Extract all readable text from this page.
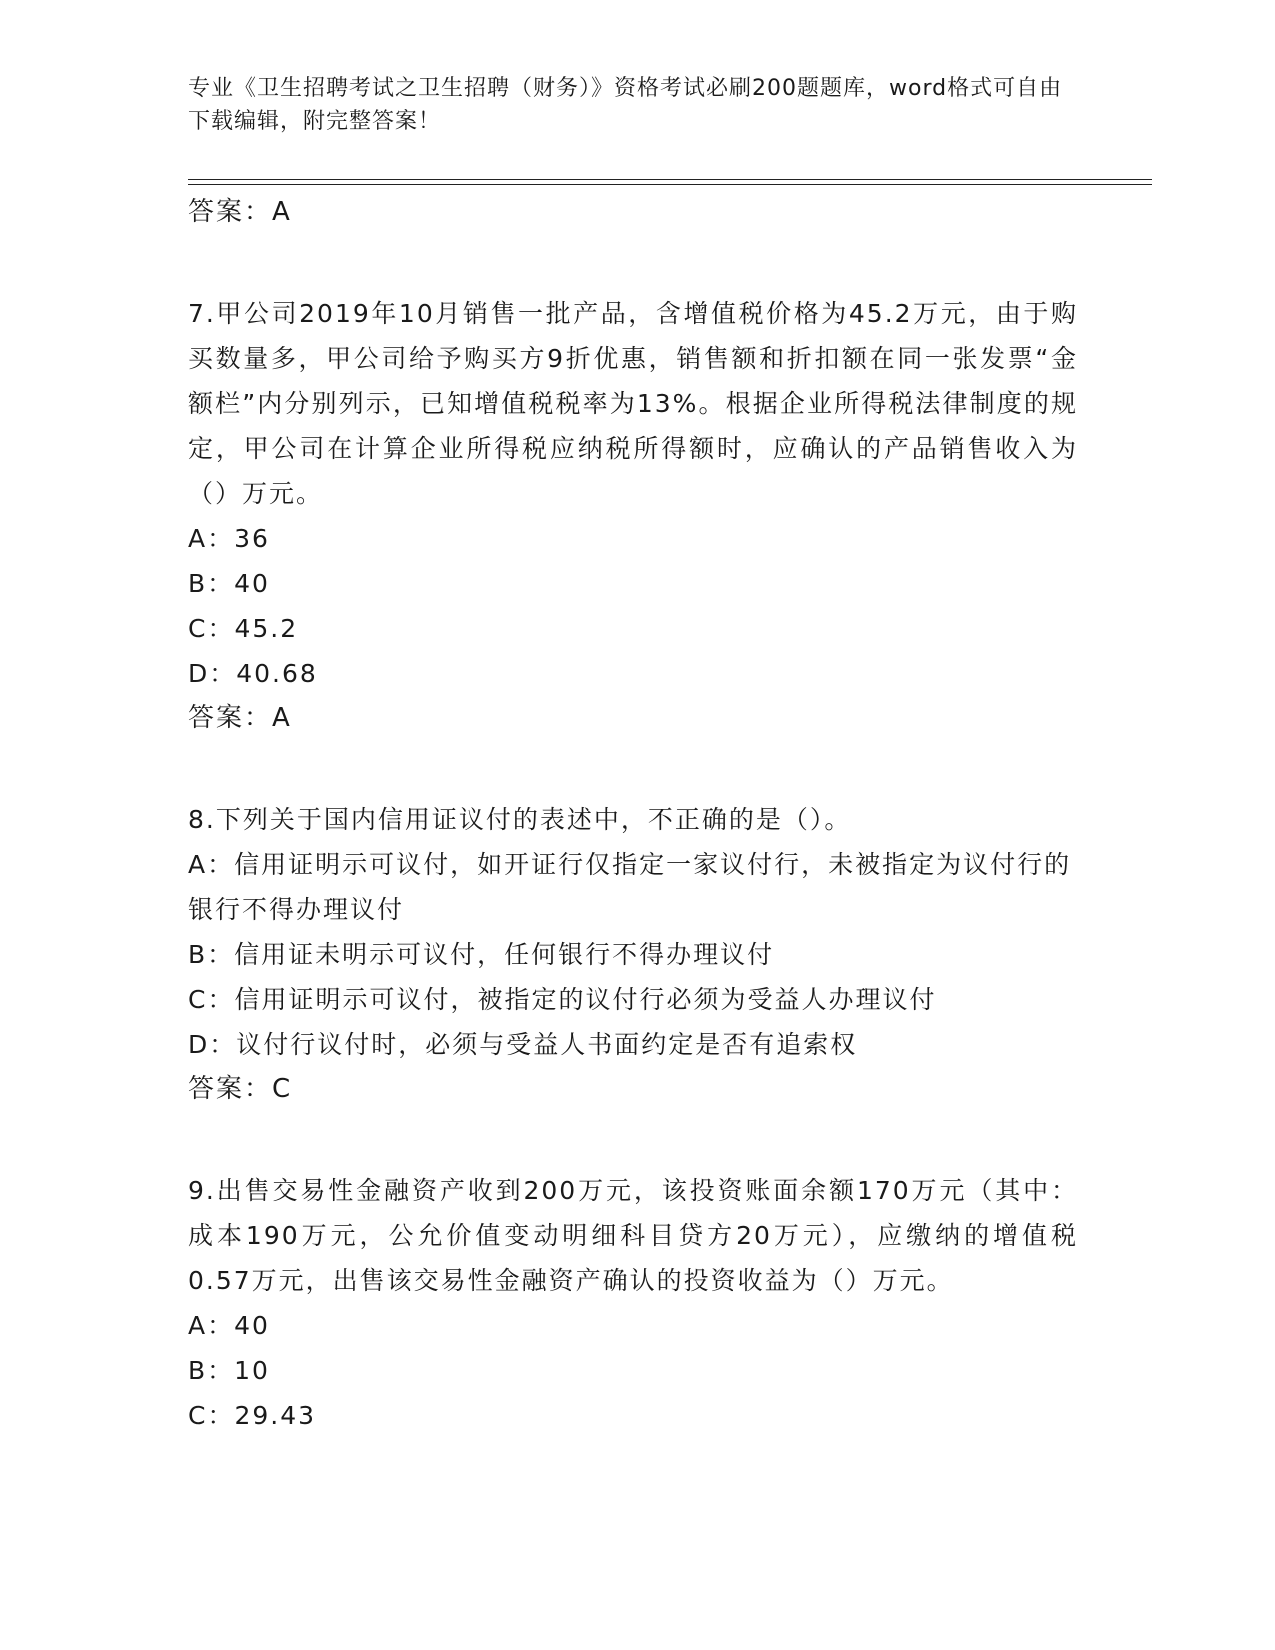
专业《卫生招聘考试之卫生招聘（财务）》资格考试必刷200题题库，word格式可自由下载编辑，附完整答案！
答案：A
7.甲公司2019年10月销售一批产品，含增值税价格为45.2万元，由于购买数量多，甲公司给予购买方9折优惠，销售额和折扣额在同一张发票“金额栏”内分别列示，已知增值税税率为13%。根据企业所得税法律制度的规定，甲公司在计算企业所得税应纳税所得额时，应确认的产品销售收入为（）万元。
A：36
B：40
C：45.2
D：40.68
答案：A
8.下列关于国内信用证议付的表述中，不正确的是（）。
A：信用证明示可议付，如开证行仅指定一家议付行，未被指定为议付行的银行不得办理议付
B：信用证未明示可议付，任何银行不得办理议付
C：信用证明示可议付，被指定的议付行必须为受益人办理议付
D：议付行议付时，必须与受益人书面约定是否有追索权
答案：C
9.出售交易性金融资产收到200万元，该投资账面余额170万元（其中：成本190万元，公允价值变动明细科目贷方20万元），应缴纳的增值税0.57万元，出售该交易性金融资产确认的投资收益为（）万元。
A：40
B：10
C：29.43
